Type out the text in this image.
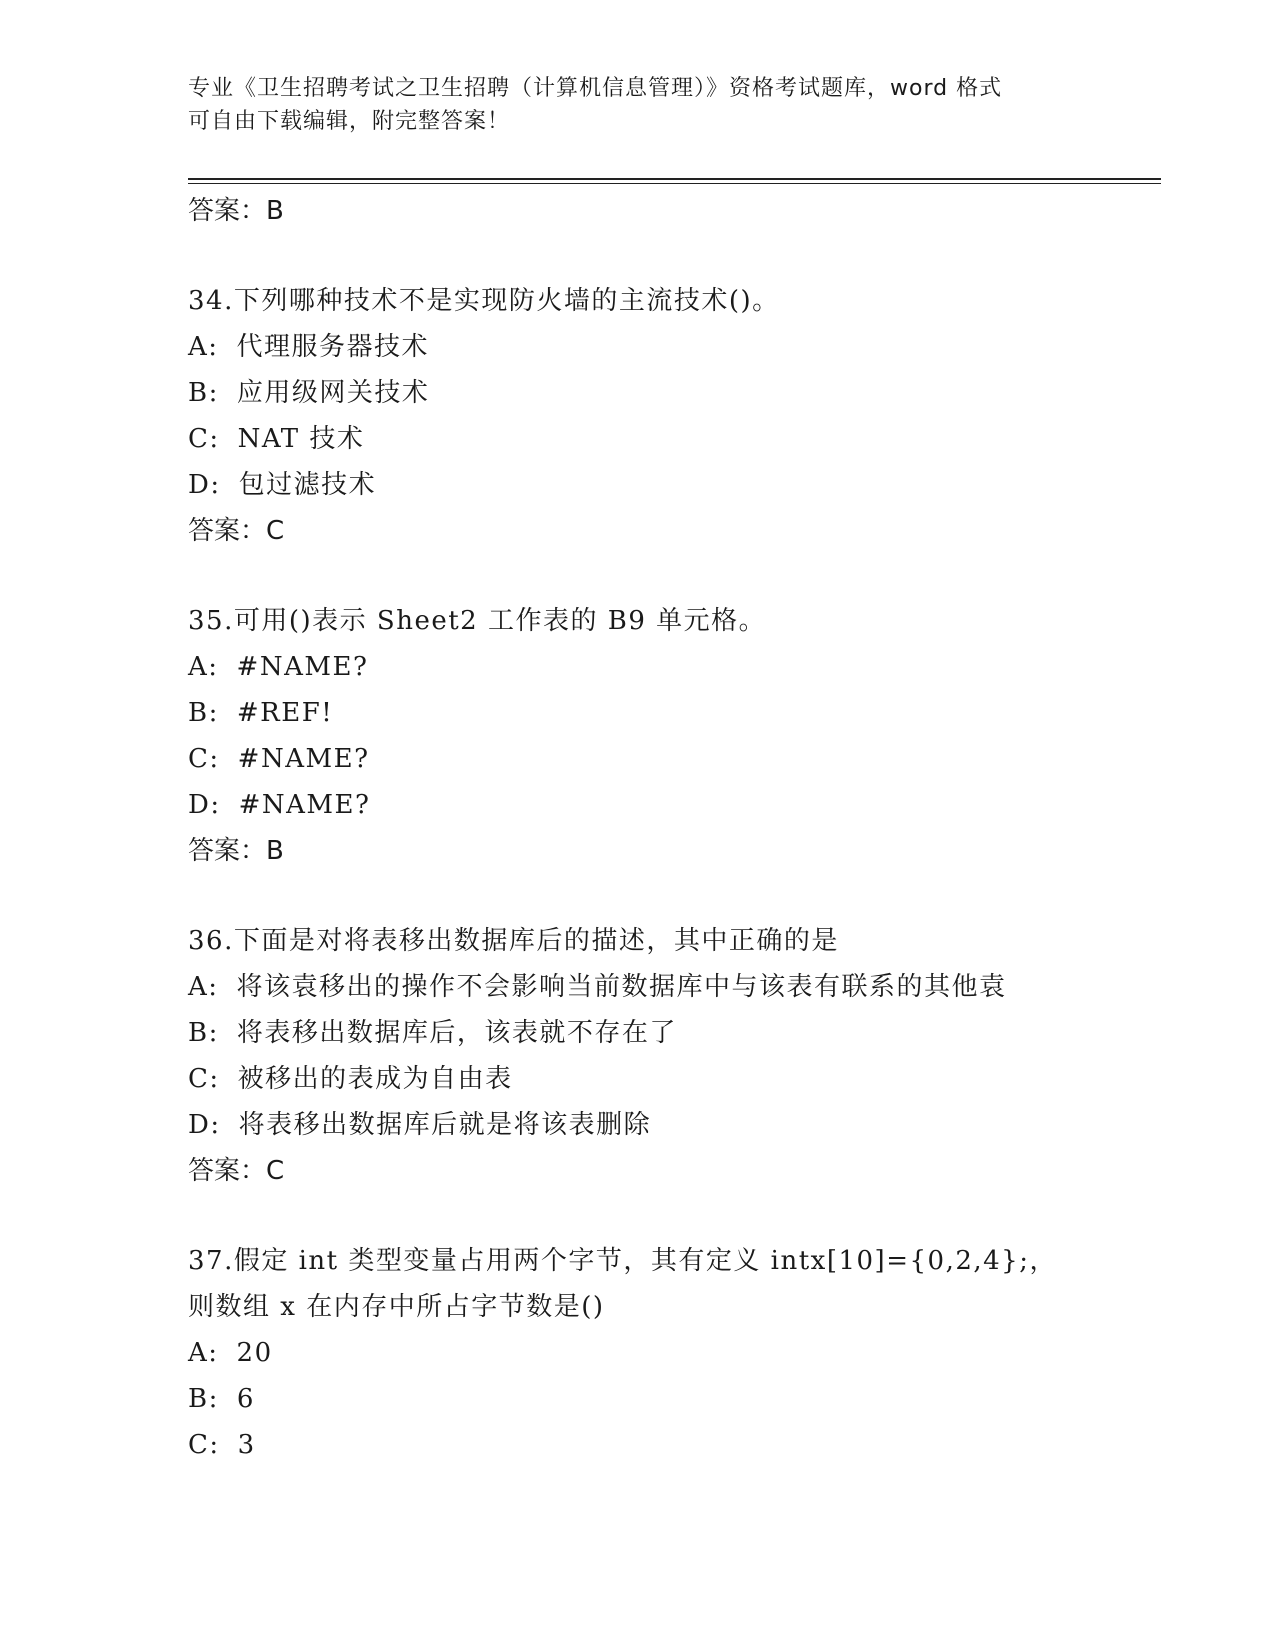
专业《卫生招聘考试之卫生招聘（计算机信息管理）》资格考试题库，word 格式
可自由下载编辑，附完整答案！
答案：B
34.下列哪种技术不是实现防火墙的主流技术()。
A: 代理服务器技术
B: 应用级网关技术
C: NAT 技术
D: 包过滤技术
答案：C
35.可用()表示 Sheet2 工作表的 B9 单元格。
A: #NAME?
B: #REF!
C: #NAME?
D: #NAME?
答案：B
36.下面是对将表移出数据库后的描述，其中正确的是
A: 将该袁移出的操作不会影响当前数据库中与该表有联系的其他袁
B: 将表移出数据库后，该表就不存在了
C: 被移出的表成为自由表
D: 将表移出数据库后就是将该表删除
答案：C
37.假定 int 类型变量占用两个字节，其有定义 intx[10]={0,2,4};，
则数组 x 在内存中所占字节数是()
A: 20
B: 6
C: 3
